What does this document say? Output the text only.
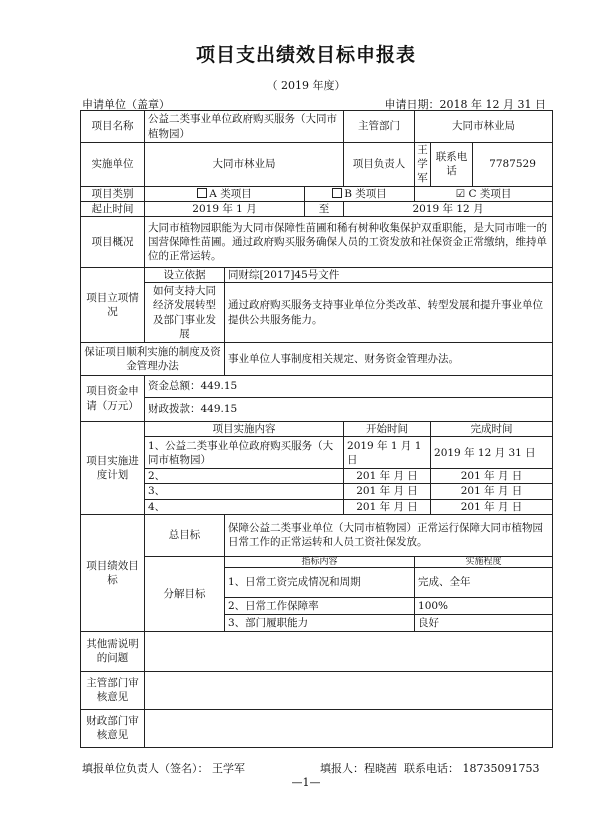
项目支出绩效目标申报表
（ 2019 年度）
申请单位（盖章）	申请日期：2018 年 12 月 31 日
项目名称	公益二类事业单位政府购买服务（大同市植物园）			主管部门	大同市林业局		
实施单位	大同市林业局			项目负责人	王学军	联系电话	7787529
项目类别	A 类项目		B 类项目		☑ C 类项目		
起止时间	2019 年 1 月		至	2019 年 12 月			
项目概况	大同市植物园职能为大同市保障性苗圃和稀有树种收集保护双重职能，是大同市唯一的国营保障性苗圃。通过政府购买服务确保人员的工资发放和社保资金正常缴纳，维持单位的正常运转。						
项目立项情况	设立依据	同财综[2017]45号文件					
	如何支持大同经济发展转型及部门事业发展	通过政府购买服务支持事业单位分类改革、转型发展和提升事业单位提供公共服务能力。					
保证项目顺利实施的制度及资金管理办法		事业单位人事制度相关规定、财务资金管理办法。					
项目资金申请（万元）	资金总额：449.15						
	财政拨款：449.15						
项目实施进度计划	项目实施内容			开始时间		完成时间	
	1、公益二类事业单位政府购买服务（大同市植物园）			2019 年 1 月 1 日		2019 年 12 月 31 日	
	2、			201 年 月 日		201 年 月 日	
	3、			201 年 月 日		201 年 月 日	
	4、			201 年 月 日		201 年 月 日	
项目绩效目标	总目标	保障公益二类事业单位（大同市植物园）正常运行保障大同市植物园日常工作的正常运转和人员工资社保发放。					
	分解目标	指标内容			实施程度		
		1、日常工资完成情况和周期			完成、全年		
		2、日常工作保障率			100%		
		3、部门履职能力			良好		
其他需说明的问题							
主管部门审核意见							
财政部门审核意见							
填报单位负责人（签名）： 王学军	填报人：程晓茜 联系电话： 18735091753
—1—
